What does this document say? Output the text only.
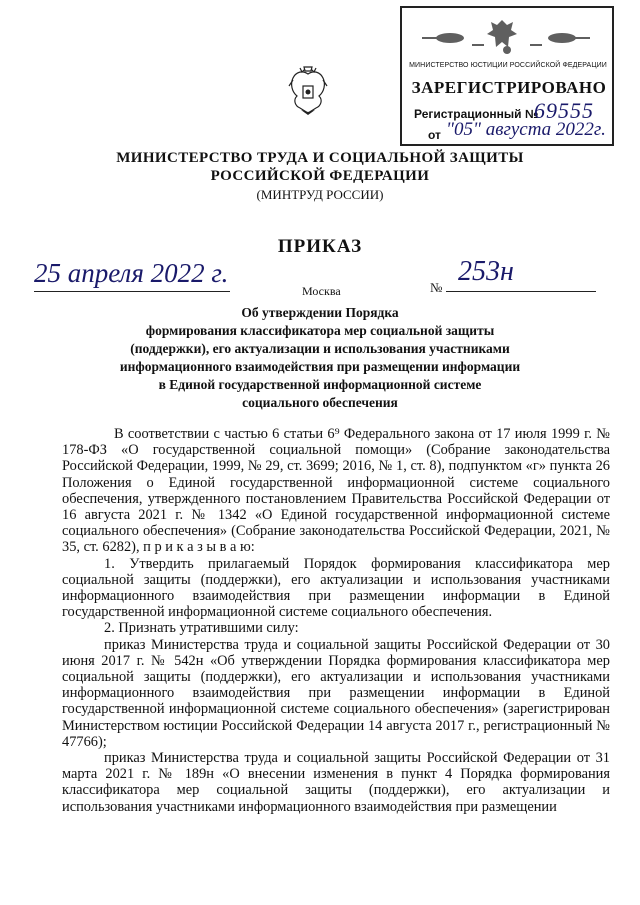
МИНИСТЕРСТВО ЮСТИЦИИ РОССИЙСКОЙ ФЕДЕРАЦИИ
ЗАРЕГИСТРИРОВАНО
Регистрационный №
69555
от "05" августа 2022г.
МИНИСТЕРСТВО ТРУДА И СОЦИАЛЬНОЙ ЗАЩИТЫ
РОССИЙСКОЙ ФЕДЕРАЦИИ
(МИНТРУД РОССИИ)
ПРИКАЗ
25 апреля 2022 г.
Москва	№
253н
Об утверждении Порядка
формирования классификатора мер социальной защиты
(поддержки), его актуализации и использования участниками
информационного взаимодействия при размещении информации
в Единой государственной информационной системе
социального обеспечения

В соответствии с частью 6 статьи 6⁹ Федерального закона от 17 июля 1999 г. № 178-ФЗ «О государственной социальной помощи» (Собрание законодательства Российской Федерации, 1999, № 29, ст. 3699; 2016, № 1, ст. 8), подпунктом «г» пункта 26 Положения о Единой государственной информационной системе социального обеспечения, утвержденного постановлением Правительства Российской Федерации от 16 августа 2021 г. № 1342 «О Единой государственной информационной системе социального обеспечения» (Собрание законодательства Российской Федерации, 2021, № 35, ст. 6282), п р и к а з ы в а ю:

1. Утвердить прилагаемый Порядок формирования классификатора мер социальной защиты (поддержки), его актуализации и использования участниками информационного взаимодействия при размещении информации в Единой государственной информационной системе социального обеспечения.

2. Признать утратившими силу:

приказ Министерства труда и социальной защиты Российской Федерации от 30 июня 2017 г. № 542н «Об утверждении Порядка формирования классификатора мер социальной защиты (поддержки), его актуализации и использования участниками информационного взаимодействия при размещении информации в Единой государственной информационной системе социального обеспечения» (зарегистрирован Министерством юстиции Российской Федерации 14 августа 2017 г., регистрационный № 47766);

приказ Министерства труда и социальной защиты Российской Федерации от 31 марта 2021 г. № 189н «О внесении изменения в пункт 4 Порядка формирования классификатора мер социальной защиты (поддержки), его актуализации и использования участниками информационного взаимодействия при размещении
